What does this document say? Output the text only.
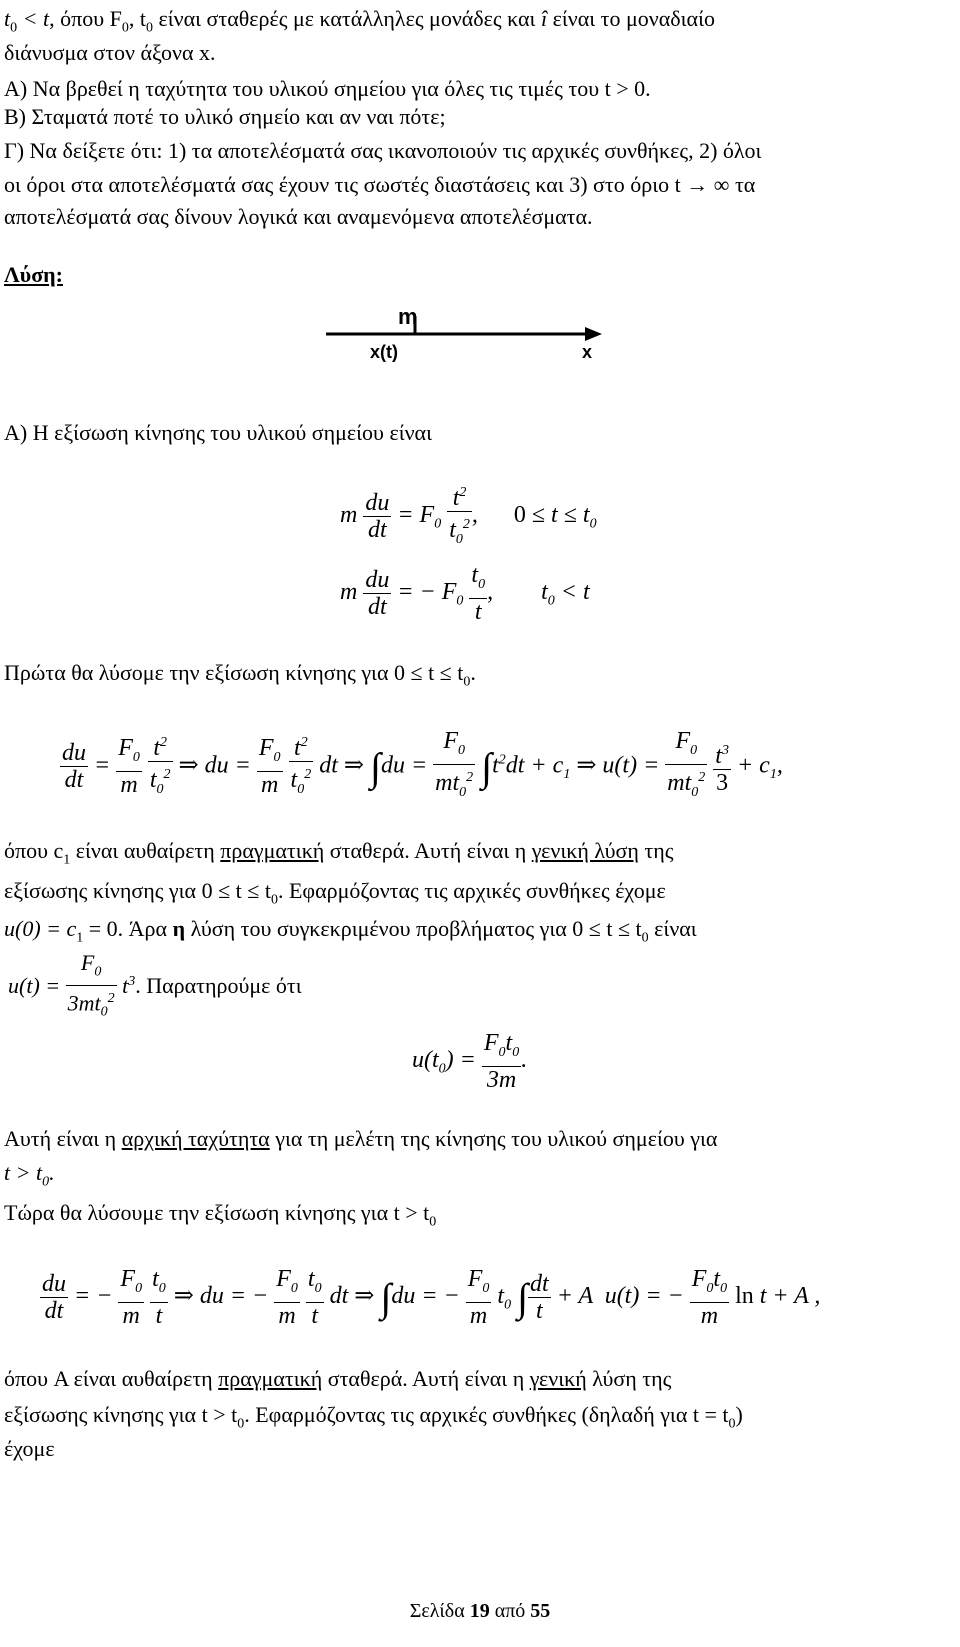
$t_0 < t$, όπου $F_0$, $t_0$ είναι σταθερές με κατάλληλες μονάδες και î είναι το μοναδιαίο
διάνυσμα στον άξονα x.
Α) Να βρεθεί η ταχύτητα του υλικού σημείου για όλες τις τιμές του t > 0.
Β) Σταματά ποτέ το υλικό σημείο και αν ναι πότε;
Γ) Να δείξετε ότι: 1) τα αποτελέσματά σας ικανοποιούν τις αρχικές συνθήκες, 2) όλοι
οι όροι στα αποτελέσματά σας έχουν τις σωστές διαστάσεις και 3) στο όριο t → ∞ τα
αποτελέσματά σας δίνουν λογικά και αναμενόμενα αποτελέσματα.
Λύση:
m
x(t)	x
Α) Η εξίσωση κίνησης του υλικού σημείου είναι
m $\frac{du}{dt} = F_0 \frac{t^2}{t_0^2}$ ,      $0 \le t \le t_0$
m $\frac{du}{dt}$ = − $F_0 \frac{t_0}{t}$ ,        $t_0 < t$
Πρώτα θα λύσομε την εξίσωση κίνησης για $0 \le t \le t_0$.
$\frac{du}{dt} = \frac{F_0}{m}$
$\frac{t^2}{t_0^2}$ ⇒ du = $\frac{F_0}{m}$
$\frac{t^2}{t_0^2}$ dt ⇒ $\int du = \frac{F_0}{mt_0^2} \int t^2dt + c_1$ ⇒ $u(t) = \frac{F_0}{mt_0^2}$
$\frac{t^3}{3} + c_1$,
όπου $c_1$ είναι αυθαίρετη πραγματική σταθερά. Αυτή είναι η γενική λύση της
εξίσωσης κίνησης για $0 \le t \le t_0$. Εφαρμόζοντας τις αρχικές συνθήκες έχομε
$u(0) = c_1 = 0$. Άρα η λύση του συγκεκριμένου προβλήματος για $0 \le t \le t_0$ είναι
$u(t) = \frac{F_0}{3mt_0^2} t^3$. Παρατηρούμε ότι
$u(t_0) = \frac{F_0t_0}{3m}$ .
Αυτή είναι η αρχική ταχύτητα για τη μελέτη της κίνησης του υλικού σημείου για
$t > t_0$.
Τώρα θα λύσουμε την εξίσωση κίνησης για $t > t_0$
$\frac{du}{dt}$ = − $\frac{F_0}{m}$
$\frac{t_0}{t}$ ⇒ du = − $\frac{F_0}{m}$
$\frac{t_0}{t}$ dt ⇒ ∫du = − $\frac{F_0}{m} t_0$ ∫ $\frac{dt}{t} + A$  u(t) = − $\frac{F_0t_0}{m}$ ln t + A ,
όπου A είναι αυθαίρετη πραγματική σταθερά. Αυτή είναι η γενική λύση της
εξίσωσης κίνησης για $t > t_0$. Εφαρμόζοντας τις αρχικές συνθήκες (δηλαδή για $t = t_0$)
έχομε
Σελίδα 19 από 55
